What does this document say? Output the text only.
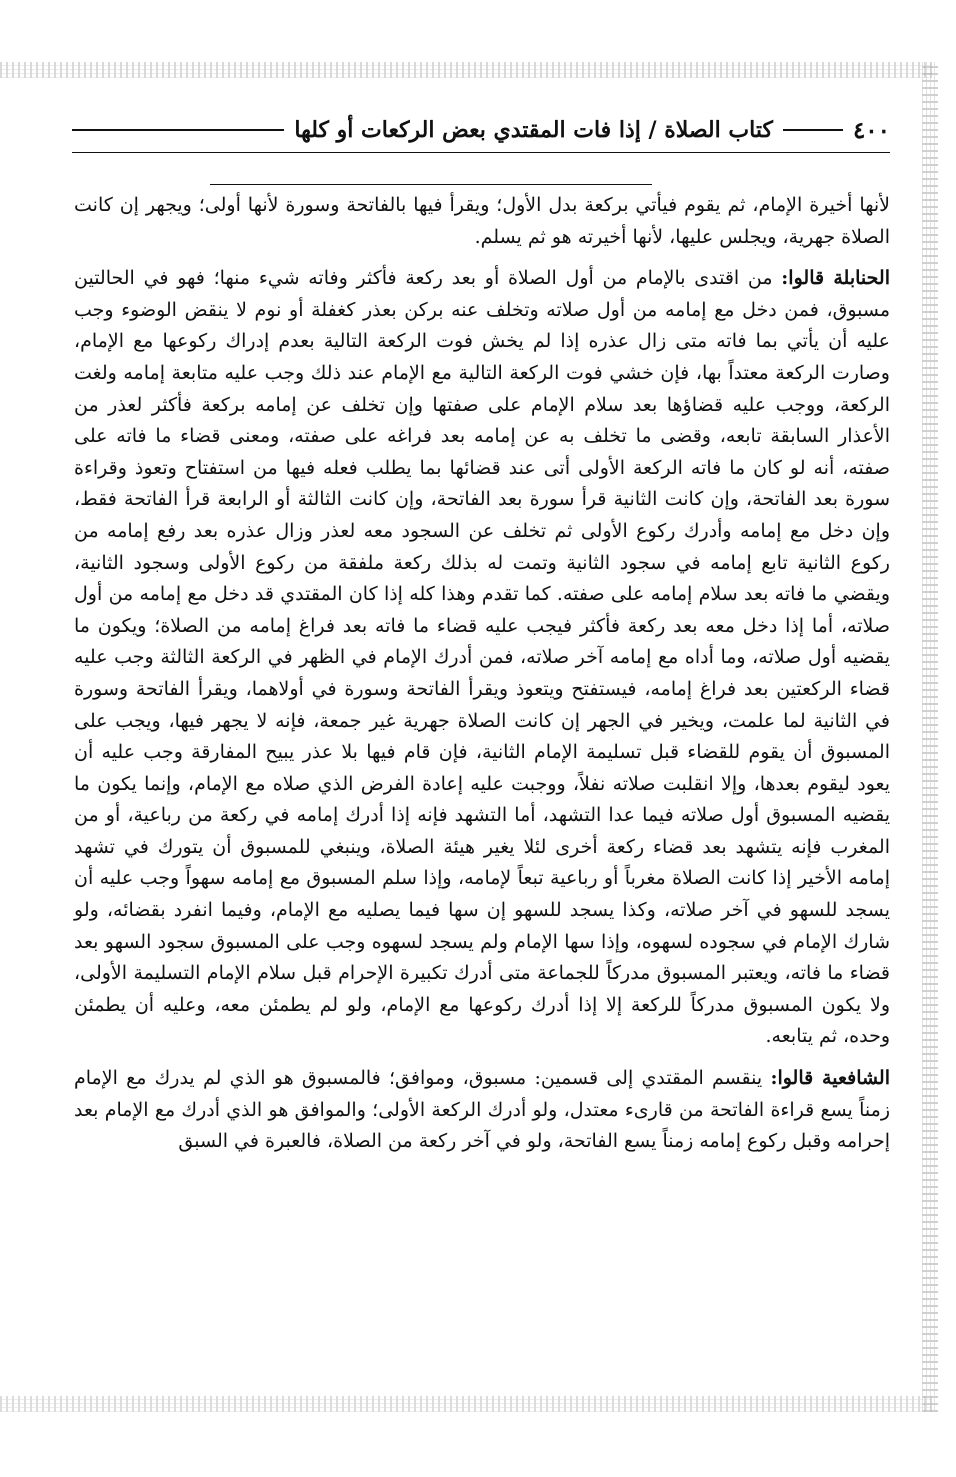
٤٠٠
كتاب الصلاة / إذا فات المقتدي بعض الركعات أو كلها

لأنها أخيرة الإمام، ثم يقوم فيأتي بركعة بدل الأول؛ ويقرأ فيها بالفاتحة وسورة لأنها أولى؛ ويجهر إن كانت الصلاة جهرية، ويجلس عليها، لأنها أخيرته هو ثم يسلم.

الحنابلة قالوا: من اقتدى بالإمام من أول الصلاة أو بعد ركعة فأكثر وفاته شيء منها؛ فهو في الحالتين مسبوق، فمن دخل مع إمامه من أول صلاته وتخلف عنه بركن بعذر كغفلة أو نوم لا ينقض الوضوء وجب عليه أن يأتي بما فاته متى زال عذره إذا لم يخش فوت الركعة التالية بعدم إدراك ركوعها مع الإمام، وصارت الركعة معتداً بها، فإن خشي فوت الركعة التالية مع الإمام عند ذلك وجب عليه متابعة إمامه ولغت الركعة، ووجب عليه قضاؤها بعد سلام الإمام على صفتها وإن تخلف عن إمامه بركعة فأكثر لعذر من الأعذار السابقة تابعه، وقضى ما تخلف به عن إمامه بعد فراغه على صفته، ومعنى قضاء ما فاته على صفته، أنه لو كان ما فاته الركعة الأولى أتى عند قضائها بما يطلب فعله فيها من استفتاح وتعوذ وقراءة سورة بعد الفاتحة، وإن كانت الثانية قرأ سورة بعد الفاتحة، وإن كانت الثالثة أو الرابعة قرأ الفاتحة فقط، وإن دخل مع إمامه وأدرك ركوع الأولى ثم تخلف عن السجود معه لعذر وزال عذره بعد رفع إمامه من ركوع الثانية تابع إمامه في سجود الثانية وتمت له بذلك ركعة ملفقة من ركوع الأولى وسجود الثانية، ويقضي ما فاته بعد سلام إمامه على صفته. كما تقدم وهذا كله إذا كان المقتدي قد دخل مع إمامه من أول صلاته، أما إذا دخل معه بعد ركعة فأكثر فيجب عليه قضاء ما فاته بعد فراغ إمامه من الصلاة؛ ويكون ما يقضيه أول صلاته، وما أداه مع إمامه آخر صلاته، فمن أدرك الإمام في الظهر في الركعة الثالثة وجب عليه قضاء الركعتين بعد فراغ إمامه، فيستفتح ويتعوذ ويقرأ الفاتحة وسورة في أولاهما، ويقرأ الفاتحة وسورة في الثانية لما علمت، ويخير في الجهر إن كانت الصلاة جهرية غير جمعة، فإنه لا يجهر فيها، ويجب على المسبوق أن يقوم للقضاء قبل تسليمة الإمام الثانية، فإن قام فيها بلا عذر يبيح المفارقة وجب عليه أن يعود ليقوم بعدها، وإلا انقلبت صلاته نفلاً، ووجبت عليه إعادة الفرض الذي صلاه مع الإمام، وإنما يكون ما يقضيه المسبوق أول صلاته فيما عدا التشهد، أما التشهد فإنه إذا أدرك إمامه في ركعة من رباعية، أو من المغرب فإنه يتشهد بعد قضاء ركعة أخرى لئلا يغير هيئة الصلاة، وينبغي للمسبوق أن يتورك في تشهد إمامه الأخير إذا كانت الصلاة مغرباً أو رباعية تبعاً لإمامه، وإذا سلم المسبوق مع إمامه سهواً وجب عليه أن يسجد للسهو في آخر صلاته، وكذا يسجد للسهو إن سها فيما يصليه مع الإمام، وفيما انفرد بقضائه، ولو شارك الإمام في سجوده لسهوه، وإذا سها الإمام ولم يسجد لسهوه وجب على المسبوق سجود السهو بعد قضاء ما فاته، ويعتبر المسبوق مدركاً للجماعة متى أدرك تكبيرة الإحرام قبل سلام الإمام التسليمة الأولى، ولا يكون المسبوق مدركاً للركعة إلا إذا أدرك ركوعها مع الإمام، ولو لم يطمئن معه، وعليه أن يطمئن وحده، ثم يتابعه.

الشافعية قالوا: ينقسم المقتدي إلى قسمين: مسبوق، وموافق؛ فالمسبوق هو الذي لم يدرك مع الإمام زمناً يسع قراءة الفاتحة من قارىء معتدل، ولو أدرك الركعة الأولى؛ والموافق هو الذي أدرك مع الإمام بعد إحرامه وقبل ركوع إمامه زمناً يسع الفاتحة، ولو في آخر ركعة من الصلاة، فالعبرة في السبق
